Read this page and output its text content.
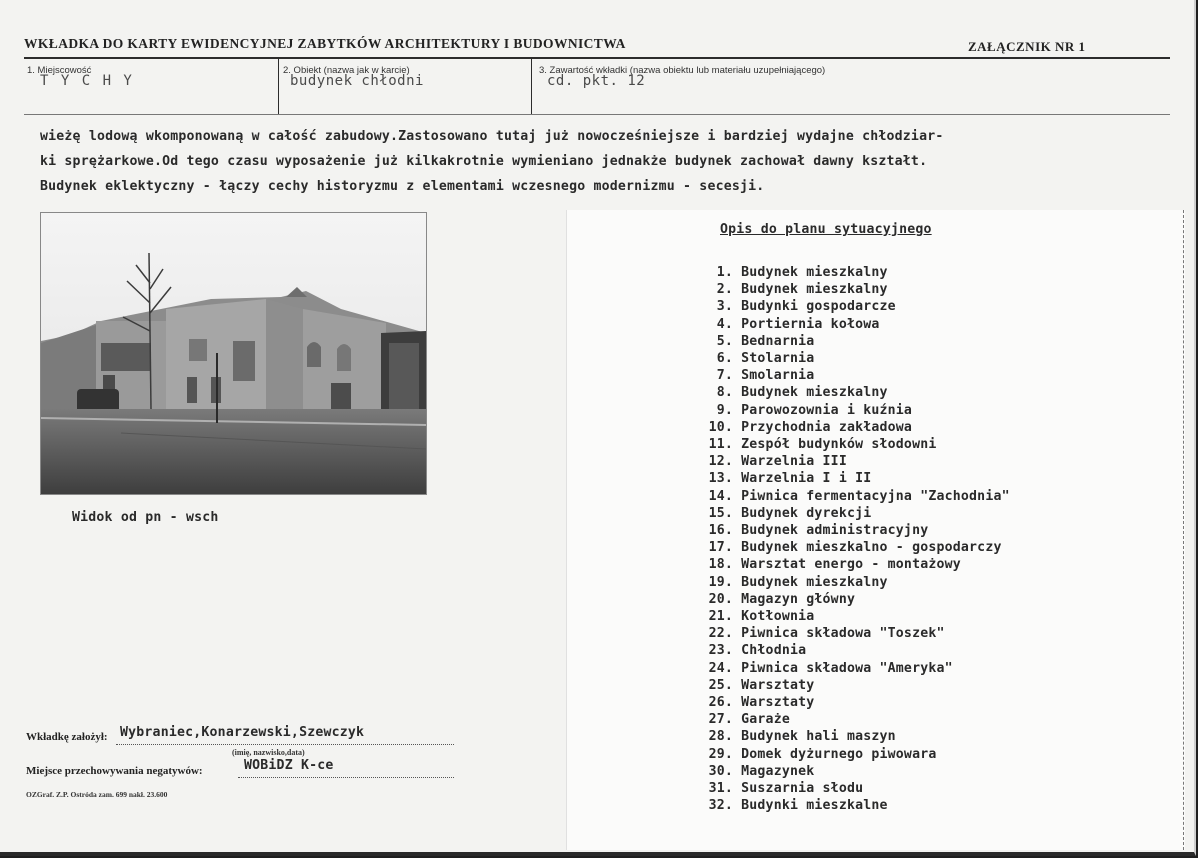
WKŁADKA DO KARTY EWIDENCYJNEJ ZABYTKÓW ARCHITEKTURY I BUDOWNICTWA	ZAŁĄCZNIK NR 1
1. Miejscowość
T Y C H Y
2. Obiekt (nazwa jak w karcie)
budynek chłodni
3. Zawartość wkładki (nazwa obiektu lub materiału uzupełniającego)
cd. pkt. 12
wieżę lodową wkomponowaną w całość zabudowy.Zastosowano tutaj już nowocześniejsze i bardziej wydajne chłodziar-
ki sprężarkowe.Od tego czasu wyposażenie już kilkakrotnie wymieniano jednakże budynek zachował dawny kształt.
Budynek eklektyczny - łączy cechy historyzmu z elementami wczesnego modernizmu - secesji.
Widok od pn - wsch
Opis do planu sytuacyjnego
1. Budynek mieszkalny
2. Budynek mieszkalny
3. Budynki gospodarcze
4. Portiernia kołowa
5. Bednarnia
6. Stolarnia
7. Smolarnia
8. Budynek mieszkalny
9. Parowozownia i kuźnia
10. Przychodnia zakładowa
11. Zespół budynków słodowni
12. Warzelnia III
13. Warzelnia I i II
14. Piwnica fermentacyjna "Zachodnia"
15. Budynek dyrekcji
16. Budynek administracyjny
17. Budynek mieszkalno - gospodarczy
18. Warsztat energo - montażowy
19. Budynek mieszkalny
20. Magazyn główny
21. Kotłownia
22. Piwnica składowa "Toszek"
23. Chłodnia
24. Piwnica składowa "Ameryka"
25. Warsztaty
26. Warsztaty
27. Garaże
28. Budynek hali maszyn
29. Domek dyżurnego piwowara
30. Magazynek
31. Suszarnia słodu
32. Budynki mieszkalne
Wkładkę założył: Wybraniec,Konarzewski,Szewczyk
(imię, nazwisko,data)
Miejsce przechowywania negatywów:	WOBiDZ K-ce
OZGraf. Z.P. Ostróda zam. 699 nakł. 23.600
